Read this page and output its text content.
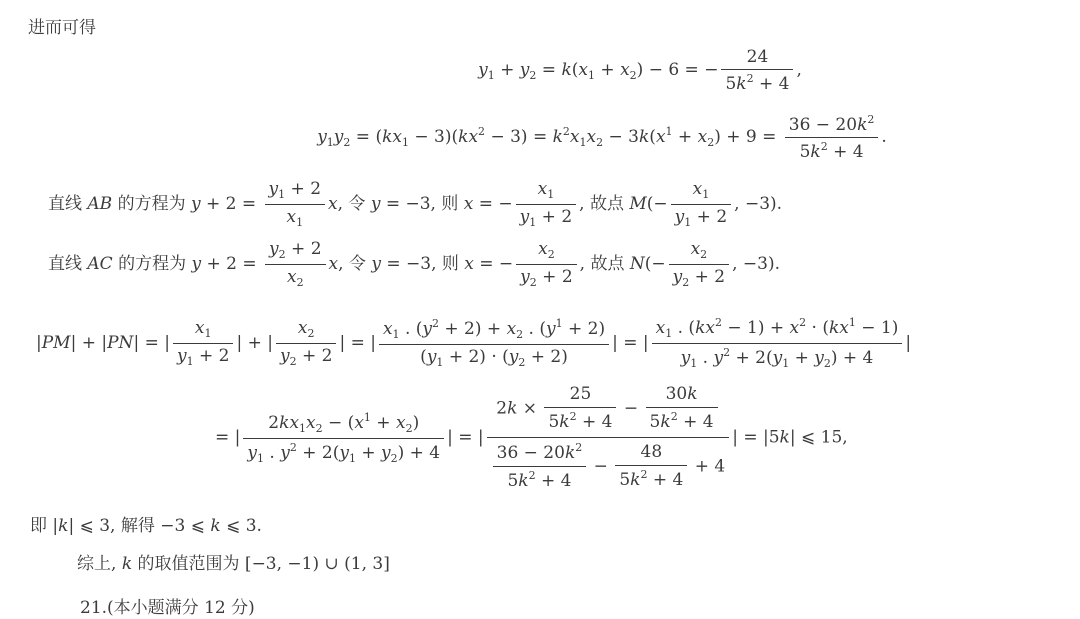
进而可得
$y_1 + y_2 = k(x_1 + x_2) - 6$ = − $\frac{24}{5k^2 + 4}$ ,
$y_1y_2 = (kx_1 - 3)(kx^2 - 3) = k^2x_1x_2 - 3k(x^1 + x_2) + 9 = \frac{36 - 20k^2}{5k^2 + 4}$ .
直线 AB 的方程为 $y + 2 = \frac{y_1 + 2}{x_1} x$, 令 y = −3, 则 x = − $\frac{x_1}{y_1 + 2}$ , 故点 $M(- \frac{x_1}{y_1 + 2}$ , −3).
直线 AC 的方程为 $y + 2 = \frac{y_2 + 2}{x_2} x$, 令 y = −3, 则 x = − $\frac{x_2}{y_2 + 2}$ , 故点 $N(- \frac{x_2}{y_2 + 2}$ , −3).
|PM| + |PN| = | $\frac{x_1}{y_1 + 2}$ | + | $\frac{x_2}{y_2 + 2}$ | = | $\frac{x_1 . (y^2 + 2) + x_2 . (y^1 + 2)}{(y_1 + 2) \cdot (y_2 + 2)}$ | = | $\frac{x_1 . (kx^2 - 1) + x^2 \cdot (kx^1 - 1)}{y_1 . y^2 + 2(y_1 + y_2) + 4}$ |
= | $\frac{2kx_1x_2 - (x^1 + x_2)}{y_1 . y^2 + 2(y_1 + y_2) + 4}$ | = | $\frac{2k \times \frac{25}{5k^2 + 4} - \frac{30k}{5k^2 + 4}}{\frac{36 - 20k^2}{5k^2 + 4} - \frac{48}{5k^2 + 4} + 4}$ | = |5k| ⩽ 15,
即 |k| ⩽ 3, 解得 −3 ⩽ k ⩽ 3.
综上, k 的取值范围为 [−3, −1) ∪ (1, 3]
21.(本小题满分 12 分)
